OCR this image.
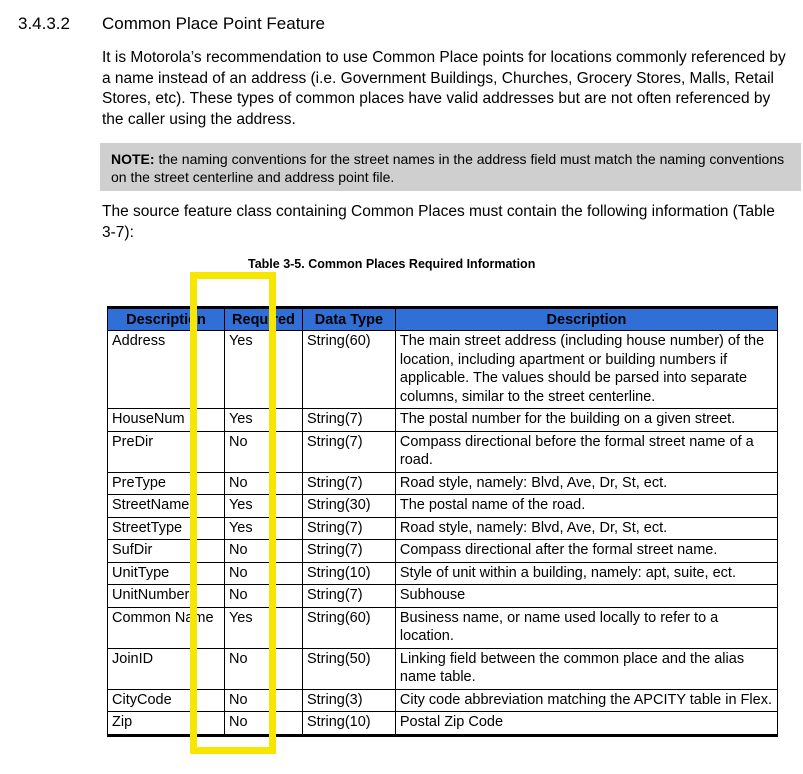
3.4.3.2 Common Place Point Feature
It is Motorola’s recommendation to use Common Place points for locations commonly referenced by a name instead of an address (i.e. Government Buildings, Churches, Grocery Stores, Malls, Retail Stores, etc). These types of common places have valid addresses but are not often referenced by the caller using the address.
NOTE: the naming conventions for the street names in the address field must match the naming conventions on the street centerline and address point file.
The source feature class containing Common Places must contain the following information (Table 3-7):
Table 3-5. Common Places Required Information
Description	Required	Data Type	Description
Address	Yes	String(60)	The main street address (including house number) of the location, including apartment or building numbers if applicable. The values should be parsed into separate columns, similar to the street centerline.
HouseNum	Yes	String(7)	The postal number for the building on a given street.
PreDir	No	String(7)	Compass directional before the formal street name of a road.
PreType	No	String(7)	Road style, namely: Blvd, Ave, Dr, St, ect.
StreetName	Yes	String(30)	The postal name of the road.
StreetType	Yes	String(7)	Road style, namely: Blvd, Ave, Dr, St, ect.
SufDir	No	String(7)	Compass directional after the formal street name.
UnitType	No	String(10)	Style of unit within a building, namely: apt, suite, ect.
UnitNumber	No	String(7)	Subhouse
Common Name	Yes	String(60)	Business name, or name used locally to refer to a location.
JoinID	No	String(50)	Linking field between the common place and the alias name table.
CityCode	No	String(3)	City code abbreviation matching the APCITY table in Flex.
Zip	No	String(10)	Postal Zip Code
